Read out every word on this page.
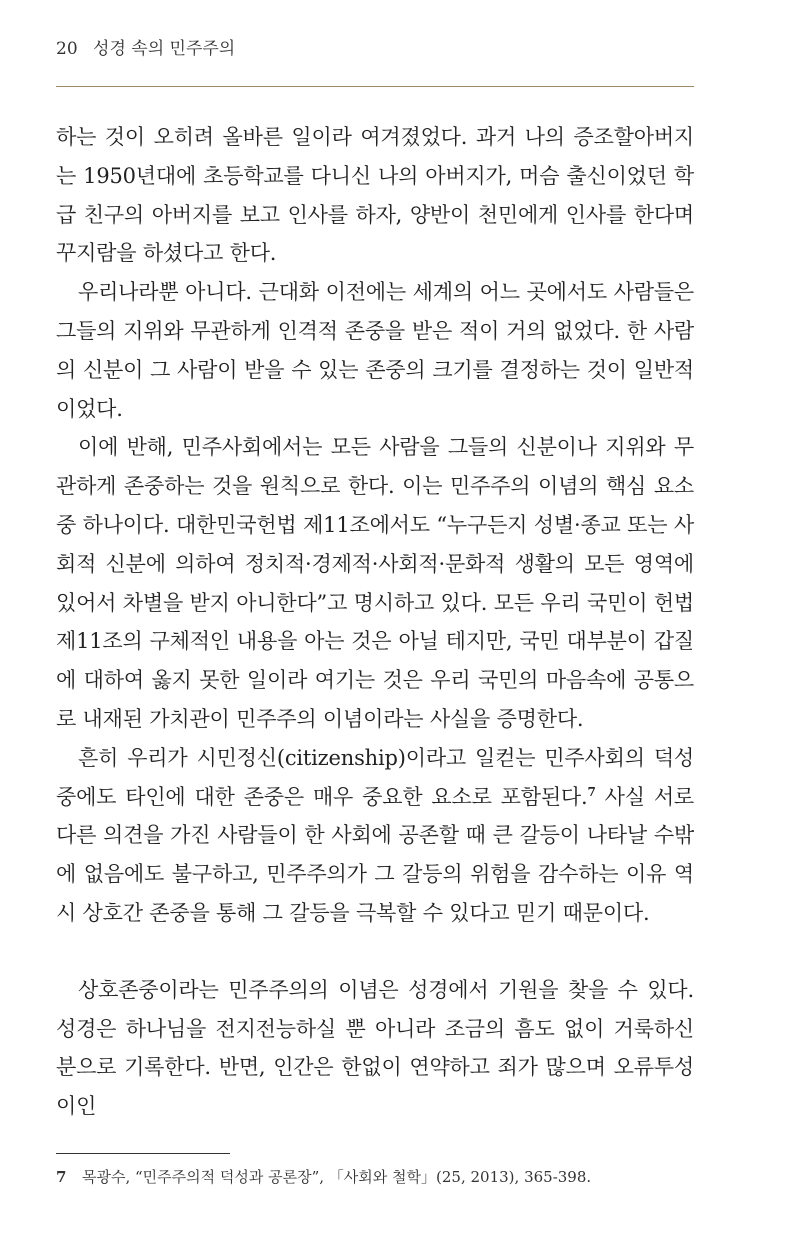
20 성경 속의 민주주의

하는 것이 오히려 올바른 일이라 여겨졌었다. 과거 나의 증조할아버지는 1950년대에 초등학교를 다니신 나의 아버지가, 머슴 출신이었던 학급 친구의 아버지를 보고 인사를 하자, 양반이 천민에게 인사를 한다며 꾸지람을 하셨다고 한다.

우리나라뿐 아니다. 근대화 이전에는 세계의 어느 곳에서도 사람들은 그들의 지위와 무관하게 인격적 존중을 받은 적이 거의 없었다. 한 사람의 신분이 그 사람이 받을 수 있는 존중의 크기를 결정하는 것이 일반적이었다.

이에 반해, 민주사회에서는 모든 사람을 그들의 신분이나 지위와 무관하게 존중하는 것을 원칙으로 한다. 이는 민주주의 이념의 핵심 요소 중 하나이다. 대한민국헌법 제11조에서도 “누구든지 성별·종교 또는 사회적 신분에 의하여 정치적·경제적·사회적·문화적 생활의 모든 영역에 있어서 차별을 받지 아니한다”고 명시하고 있다. 모든 우리 국민이 헌법 제11조의 구체적인 내용을 아는 것은 아닐 테지만, 국민 대부분이 갑질에 대하여 옳지 못한 일이라 여기는 것은 우리 국민의 마음속에 공통으로 내재된 가치관이 민주주의 이념이라는 사실을 증명한다.

흔히 우리가 시민정신(citizenship)이라고 일컫는 민주사회의 덕성 중에도 타인에 대한 존중은 매우 중요한 요소로 포함된다.$^7$ 사실 서로 다른 의견을 가진 사람들이 한 사회에 공존할 때 큰 갈등이 나타날 수밖에 없음에도 불구하고, 민주주의가 그 갈등의 위험을 감수하는 이유 역시 상호간 존중을 통해 그 갈등을 극복할 수 있다고 믿기 때문이다.

상호존중이라는 민주주의의 이념은 성경에서 기원을 찾을 수 있다. 성경은 하나님을 전지전능하실 뿐 아니라 조금의 흠도 없이 거룩하신 분으로 기록한다. 반면, 인간은 한없이 연약하고 죄가 많으며 오류투성이인

7 목광수, “민주주의적 덕성과 공론장”, 「사회와 철학」(25, 2013), 365-398.
